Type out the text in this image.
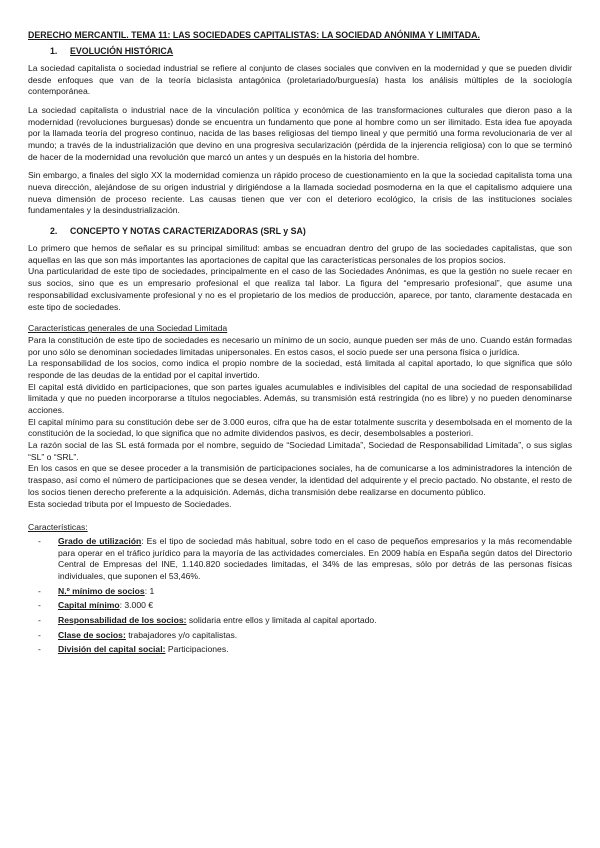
DERECHO MERCANTIL. TEMA 11: LAS SOCIEDADES CAPITALISTAS: LA SOCIEDAD ANÓNIMA Y LIMITADA.
1.	EVOLUCIÓN HISTÓRICA

La sociedad capitalista o sociedad industrial se refiere al conjunto de clases sociales que conviven en la modernidad y que se pueden dividir desde enfoques que van de la teoría biclasista antagónica (proletariado/burguesía) hasta los análisis múltiples de la sociología contemporánea.

La sociedad capitalista o industrial nace de la vinculación política y económica de las transformaciones culturales que dieron paso a la modernidad (revoluciones burguesas) donde se encuentra un fundamento que pone al hombre como un ser ilimitado. Esta idea fue apoyada por la llamada teoría del progreso continuo, nacida de las bases religiosas del tiempo lineal y que permitió una forma revolucionaria de ver al mundo; a través de la industrialización que devino en una progresiva secularización (pérdida de la injerencia religiosa) con lo que se terminó de hacer de la modernidad una revolución que marcó un antes y un después en la historia del hombre.

Sin embargo, a finales del siglo XX la modernidad comienza un rápido proceso de cuestionamiento en la que la sociedad capitalista toma una nueva dirección, alejándose de su origen industrial y dirigiéndose a la llamada sociedad posmoderna en la que el capitalismo adquiere una nueva dimensión de proceso reciente. Las causas tienen que ver con el deterioro ecológico, la crisis de las instituciones sociales fundamentales y la desindustrialización.

2.	CONCEPTO Y NOTAS CARACTERIZADORAS (SRL y SA)

Lo primero que hemos de señalar es su principal similitud: ambas se encuadran dentro del grupo de las sociedades capitalistas, que son aquellas en las que son más importantes las aportaciones de capital que las características personales de los propios socios.

Una particularidad de este tipo de sociedades, principalmente en el caso de las Sociedades Anónimas, es que la gestión no suele recaer en sus socios, sino que es un empresario profesional el que realiza tal labor. La figura del “empresario profesional”, que asume una responsabilidad exclusivamente profesional y no es el propietario de los medios de producción, aparece, por tanto, claramente destacada en este tipo de sociedades.

Características generales de una Sociedad Limitada

Para la constitución de este tipo de sociedades es necesario un mínimo de un socio, aunque pueden ser más de uno. Cuando están formadas por uno sólo se denominan sociedades limitadas unipersonales. En estos casos, el socio puede ser una persona física o jurídica.

La responsabilidad de los socios, como indica el propio nombre de la sociedad, está limitada al capital aportado, lo que significa que sólo responde de las deudas de la entidad por el capital invertido.

El capital está dividido en participaciones, que son partes iguales acumulables e indivisibles del capital de una sociedad de responsabilidad limitada y que no pueden incorporarse a títulos negociables. Además, su transmisión está restringida (no es libre) y no pueden denominarse acciones.

El capital mínimo para su constitución debe ser de 3.000 euros, cifra que ha de estar totalmente suscrita y desembolsada en el momento de la constitución de la sociedad, lo que significa que no admite dividendos pasivos, es decir, desembolsables a posteriori.

La razón social de las SL está formada por el nombre, seguido de “Sociedad Limitada”, Sociedad de Responsabilidad Limitada”, o sus siglas “SL” o “SRL”.

En los casos en que se desee proceder a la transmisión de participaciones sociales, ha de comunicarse a los administradores la intención de traspaso, así como el número de participaciones que se desea vender, la identidad del adquirente y el precio pactado. No obstante, el resto de los socios tienen derecho preferente a la adquisición. Además, dicha transmisión debe realizarse en documento público.

Esta sociedad tributa por el Impuesto de Sociedades.

Características:
-	Grado de utilización: Es el tipo de sociedad más habitual, sobre todo en el caso de pequeños empresarios y la más recomendable para operar en el tráfico jurídico para la mayoría de las actividades comerciales. En 2009 había en España según datos del Directorio Central de Empresas del INE, 1.140.820 sociedades limitadas, el 34% de las empresas, sólo por detrás de las personas físicas individuales, que suponen el 53,46%.
-	N.º mínimo de socios: 1
-	Capital mínimo: 3.000 €
-	Responsabilidad de los socios: solidaria entre ellos y limitada al capital aportado.
-	Clase de socios: trabajadores y/o capitalistas.
-	División del capital social: Participaciones.
